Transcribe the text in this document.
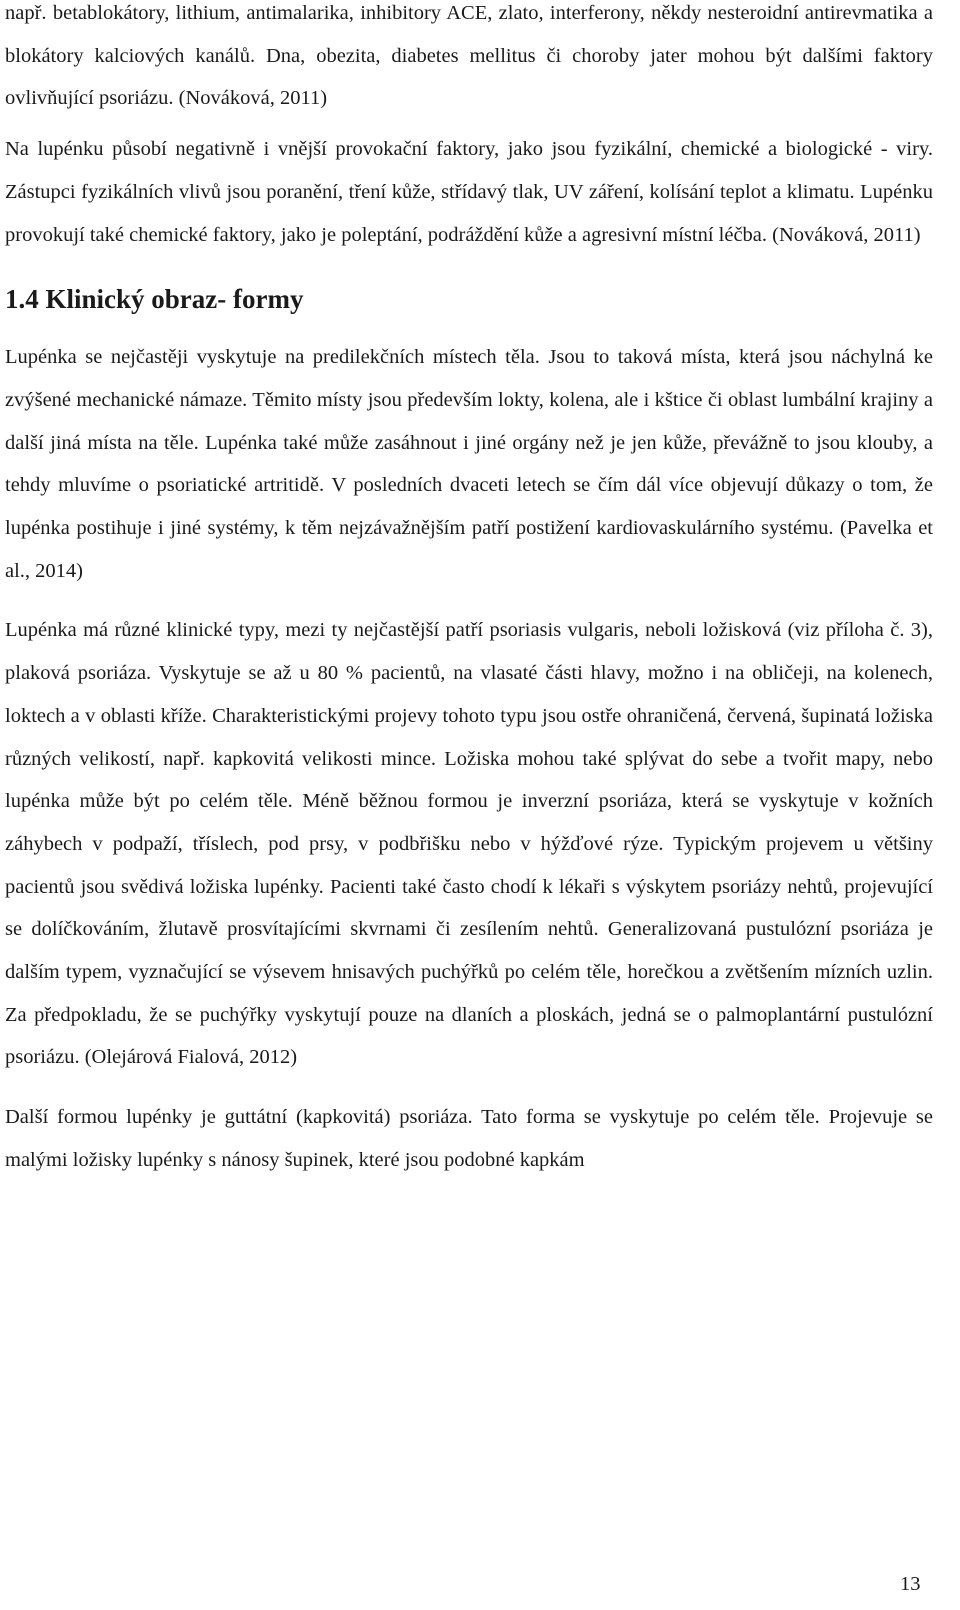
např. betablokátory, lithium, antimalarika, inhibitory ACE, zlato, interferony, někdy nesteroidní antirevmatika a blokátory kalciových kanálů. Dna, obezita, diabetes mellitus či choroby jater mohou být dalšími faktory ovlivňující psoriázu. (Nováková, 2011)

Na lupénku působí negativně i vnější provokační faktory, jako jsou fyzikální, chemické a biologické - viry. Zástupci fyzikálních vlivů jsou poranění, tření kůže, střídavý tlak, UV záření, kolísání teplot a klimatu. Lupénku provokují také chemické faktory, jako je poleptání, podráždění kůže a agresivní místní léčba. (Nováková, 2011)

1.4 Klinický obraz- formy

Lupénka se nejčastěji vyskytuje na predilekčních místech těla. Jsou to taková místa, která jsou náchylná ke zvýšené mechanické námaze. Těmito místy jsou především lokty, kolena, ale i kštice či oblast lumbální krajiny a další jiná místa na těle. Lupénka také může zasáhnout i jiné orgány než je jen kůže, převážně to jsou klouby, a tehdy mluvíme o psoriatické artritidě. V posledních dvaceti letech se čím dál více objevují důkazy o tom, že lupénka postihuje i jiné systémy, k těm nejzávažnějším patří postižení kardiovaskulárního systému. (Pavelka et al., 2014)

Lupénka má různé klinické typy, mezi ty nejčastější patří psoriasis vulgaris, neboli ložisková (viz příloha č. 3), plaková psoriáza. Vyskytuje se až u 80 % pacientů, na vlasaté části hlavy, možno i na obličeji, na kolenech, loktech a v oblasti kříže. Charakteristickými projevy tohoto typu jsou ostře ohraničená, červená, šupinatá ložiska různých velikostí, např. kapkovitá velikosti mince. Ložiska mohou také splývat do sebe a tvořit mapy, nebo lupénka může být po celém těle. Méně běžnou formou je inverzní psoriáza, která se vyskytuje v kožních záhybech v podpaží, tříslech, pod prsy, v podbřišku nebo v hýžďové rýze. Typickým projevem u většiny pacientů jsou svědivá ložiska lupénky. Pacienti také často chodí k lékaři s výskytem psoriázy nehtů, projevující se dolíčkováním, žlutavě prosvítajícími skvrnami či zesílením nehtů. Generalizovaná pustulózní psoriáza je dalším typem, vyznačující se výsevem hnisavých puchýřků po celém těle, horečkou a zvětšením mízních uzlin. Za předpokladu, že se puchýřky vyskytují pouze na dlaních a ploskách, jedná se o palmoplantární pustulózní psoriázu. (Olejárová Fialová, 2012)

Další formou lupénky je guttátní (kapkovitá) psoriáza. Tato forma se vyskytuje po celém těle. Projevuje se malými ložisky lupénky s nánosy šupinek, které jsou podobné kapkám

13
